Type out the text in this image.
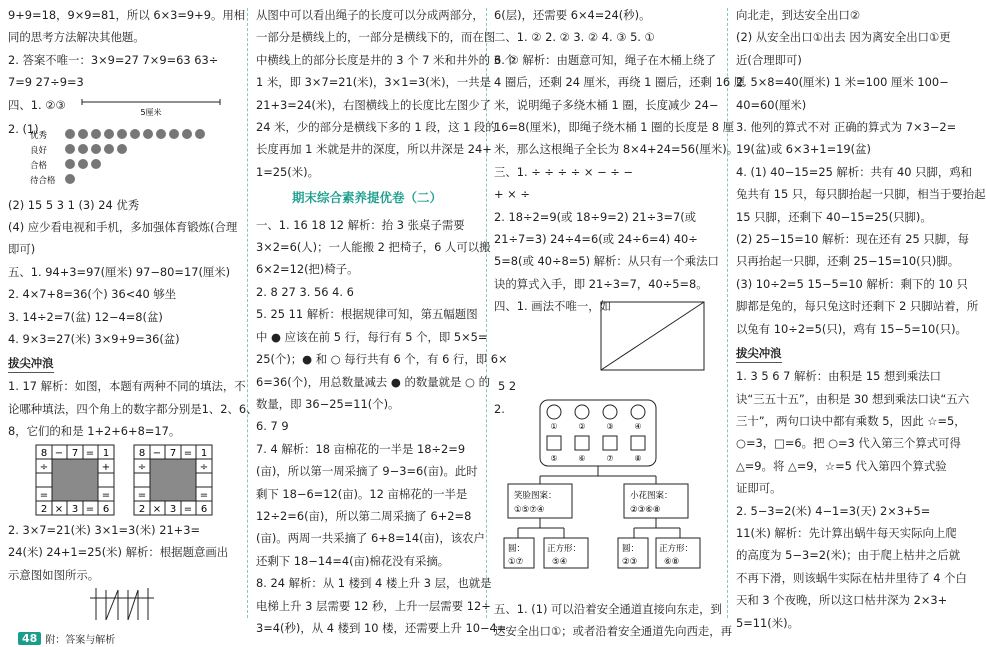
9+9=18，9×9=81，所以 6×3=9+9。用相
同的思考方法解决其他题。
2. 答案不唯一：3×9=27 7×9=63 63÷
7=9 27÷9=3
四、1. ②③
5厘米
2. (1)
优秀
良好
合格
待合格
(2) 15 5 3 1 (3) 24 优秀
(4) 应少看电视和手机，多加强体育锻炼(合理
即可)
五、1. 94+3=97(厘米) 97−80=17(厘米)
2. 4×7+8=36(个) 36<40 够坐
3. 14÷2=7(盆) 12−4=8(盆)
4. 9×3=27(米) 3×9+9=36(盆)
拔尖冲浪
1. 17 解析：如图，本题有两种不同的填法，不
论哪种填法，四个角上的数字都分别是1、2、6、
8，它们的和是 1+2+6+8=17。
8 − 7 = 1
÷	+
=	=
2 × 3 = 6
8 − 7 = 1
÷	÷
=	=
2 × 3 = 6
2. 3×7=21(米) 3×1=3(米) 21+3=
24(米) 24+1=25(米) 解析：根据题意画出
示意图如图所示。
从图中可以看出绳子的长度可以分成两部分，
一部分是横线上的，一部分是横线下的，而在图
中横线上的部分长度是井的 3 个 7 米和井外的 3 个
1 米，即 3×7=21(米)，3×1=3(米)，一共是
21+3=24(米)，右图横线上的长度比左图少了
24 米，少的部分是横线下多的 1 段，这 1 段的
长度再加 1 米就是井的深度，所以井深是 24+
1=25(米)。
期末综合素养提优卷（二）
一、1. 16 18 12 解析：抬 3 张桌子需要
3×2=6(人)；一人能搬 2 把椅子，6 人可以搬
6×2=12(把)椅子。
2. 8 27 3. 56 4. 6
5. 25 11 解析：根据规律可知，第五幅题图
中 ● 应该在前 5 行，每行有 5 个，即 5×5=
25(个)；● 和 ○ 每行共有 6 个，有 6 行，即 6×
6=36(个)，用总数量减去 ● 的数量就是 ○ 的
数量，即 36−25=11(个)。
6. 7 9
7. 4 解析：18 亩棉花的一半是 18÷2=9
(亩)，所以第一周采摘了 9−3=6(亩)。此时
剩下 18−6=12(亩)。12 亩棉花的一半是
12÷2=6(亩)，所以第二周采摘了 6+2=8
(亩)。两周一共采摘了 6+8=14(亩)，该农户
还剩下 18−14=4(亩)棉花没有采摘。
8. 24 解析：从 1 楼到 4 楼上升 3 层，也就是
电梯上升 3 层需要 12 秒，上升一层需要 12÷
3=4(秒)，从 4 楼到 10 楼，还需要上升 10−4=
6(层)，还需要 6×4=24(秒)。
二、1. ② 2. ② 3. ② 4. ③ 5. ①
6. ② 解析：由题意可知，绳子在木桶上绕了
4 圈后，还剩 24 厘米，再绕 1 圈后，还剩 16 厘
米，说明绳子多绕木桶 1 圈，长度减少 24−
16=8(厘米)，即绳子绕木桶 1 圈的长度是 8 厘
米，那么这根绳子全长为 8×4+24=56(厘米)。
三、1. ÷ ÷ ÷ ÷ × − ÷ −
+ × ÷
2. 18÷2=9(或 18÷9=2) 21÷3=7(或
21÷7=3) 24÷4=6(或 24÷6=4) 40÷
5=8(或 40÷8=5) 解析：从只有一个乘法口
诀的算式入手，即 21÷3=7，40÷5=8。
四、1. 画法不唯一，如
5 2
2.
①	②	③	④
⑤	⑥	⑦	⑧
笑脸图案：
①⑤⑦④
小花图案：
②③⑥⑧
圆：
①⑦
正方形：
⑤④
圆：
②③
正方形：
⑥⑧
五、1. (1) 可以沿着安全通道直接向东走，到
达安全出口①；或者沿着安全通道先向西走，再
向北走，到达安全出口②
(2) 从安全出口①出去 因为离安全出口①更
近(合理即可)
2. 5×8=40(厘米) 1 米=100 厘米 100−
40=60(厘米)
3. 他列的算式不对 正确的算式为 7×3−2=
19(盆)或 6×3+1=19(盆)
4. (1) 40−15=25 解析：共有 40 只脚，鸡和
兔共有 15 只，每只脚抬起一只脚，相当于要抬起
15 只脚，还剩下 40−15=25(只脚)。
(2) 25−15=10 解析：现在还有 25 只脚，每
只再抬起一只脚，还剩 25−15=10(只)脚。
(3) 10÷2=5 15−5=10 解析：剩下的 10 只
脚都是兔的，每只兔这时还剩下 2 只脚站着，所
以兔有 10÷2=5(只)，鸡有 15−5=10(只)。
拔尖冲浪
1. 3 5 6 7 解析：由积是 15 想到乘法口
诀“三五十五”，由积是 30 想到乘法口诀“五六
三十”，两句口诀中都有乘数 5，因此 ☆=5，
○=3，□=6。把 ○=3 代入第三个算式可得
△=9。将 △=9，☆=5 代入第四个算式验
证即可。
2. 5−3=2(米) 4−1=3(天) 2×3+5=
11(米) 解析：先计算出蜗牛每天实际向上爬
的高度为 5−3=2(米)；由于爬上枯井之后就
不再下滑，则该蜗牛实际在枯井里待了 4 个白
天和 3 个夜晚，所以这口枯井深为 2×3+
5=11(米)。
48 附：答案与解析
